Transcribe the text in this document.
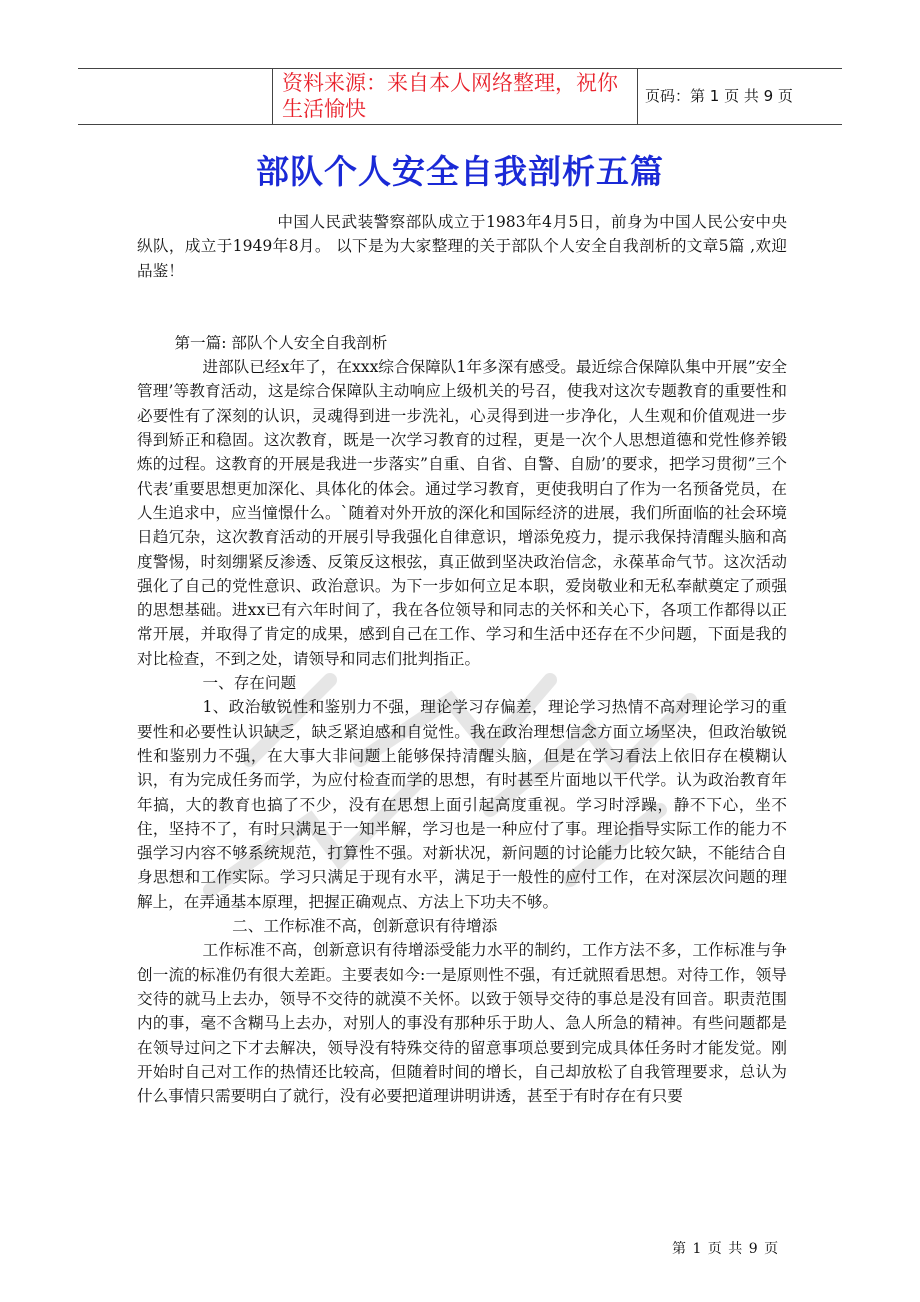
资料来源：来自本人网络整理，祝你生活愉快
页码：第 1 页 共 9 页
部队个人安全自我剖析五篇

中国人民武装警察部队成立于1983年4月5日，前身为中国人民公安中央纵队，成立于1949年8月。 以下是为大家整理的关于部队个人安全自我剖析的文章5篇 ,欢迎品鉴！

第一篇: 部队个人安全自我剖析

进部队已经x年了，在xxx综合保障队1年多深有感受。最近综合保障队集中开展”安全管理’等教育活动，这是综合保障队主动响应上级机关的号召，使我对这次专题教育的重要性和必要性有了深刻的认识，灵魂得到进一步洗礼，心灵得到进一步净化，人生观和价值观进一步得到矫正和稳固。这次教育，既是一次学习教育的过程，更是一次个人思想道德和党性修养锻炼的过程。这教育的开展是我进一步落实”自重、自省、自警、自励’的要求，把学习贯彻”三个代表’重要思想更加深化、具体化的体会。通过学习教育，更使我明白了作为一名预备党员，在人生追求中，应当憧憬什么。`随着对外开放的深化和国际经济的进展，我们所面临的社会环境日趋冗杂，这次教育活动的开展引导我强化自律意识，增添免疫力，提示我保持清醒头脑和高度警惕，时刻绷紧反渗透、反策反这根弦，真正做到坚决政治信念，永葆革命气节。这次活动强化了自己的党性意识、政治意识。为下一步如何立足本职，爱岗敬业和无私奉献奠定了顽强的思想基础。进xx已有六年时间了，我在各位领导和同志的关怀和关心下，各项工作都得以正常开展，并取得了肯定的成果，感到自己在工作、学习和生活中还存在不少问题，下面是我的对比检查，不到之处，请领导和同志们批判指正。

一、存在问题

1、政治敏锐性和鉴别力不强，理论学习存偏差，理论学习热情不高对理论学习的重要性和必要性认识缺乏，缺乏紧迫感和自觉性。我在政治理想信念方面立场坚决，但政治敏锐性和鉴别力不强，在大事大非问题上能够保持清醒头脑，但是在学习看法上依旧存在模糊认识，有为完成任务而学，为应付检查而学的思想，有时甚至片面地以干代学。认为政治教育年年搞，大的教育也搞了不少，没有在思想上面引起高度重视。学习时浮躁，静不下心，坐不住，坚持不了，有时只满足于一知半解，学习也是一种应付了事。理论指导实际工作的能力不强学习内容不够系统规范，打算性不强。对新状况，新问题的讨论能力比较欠缺，不能结合自身思想和工作实际。学习只满足于现有水平，满足于一般性的应付工作，在对深层次问题的理解上，在弄通基本原理，把握正确观点、方法上下功夫不够。

二、工作标准不高，创新意识有待增添

工作标准不高，创新意识有待增添受能力水平的制约，工作方法不多，工作标准与争创一流的标准仍有很大差距。主要表如今:一是原则性不强，有迁就照看思想。对待工作，领导交待的就马上去办，领导不交待的就漠不关怀。以致于领导交待的事总是没有回音。职责范围内的事，毫不含糊马上去办，对别人的事没有那种乐于助人、急人所急的精神。有些问题都是在领导过问之下才去解决，领导没有特殊交待的留意事项总要到完成具体任务时才能发觉。刚开始时自己对工作的热情还比较高，但随着时间的增长，自己却放松了自我管理要求，总认为什么事情只需要明白了就行，没有必要把道理讲明讲透，甚至于有时存在有只要

第 1 页 共 9 页
